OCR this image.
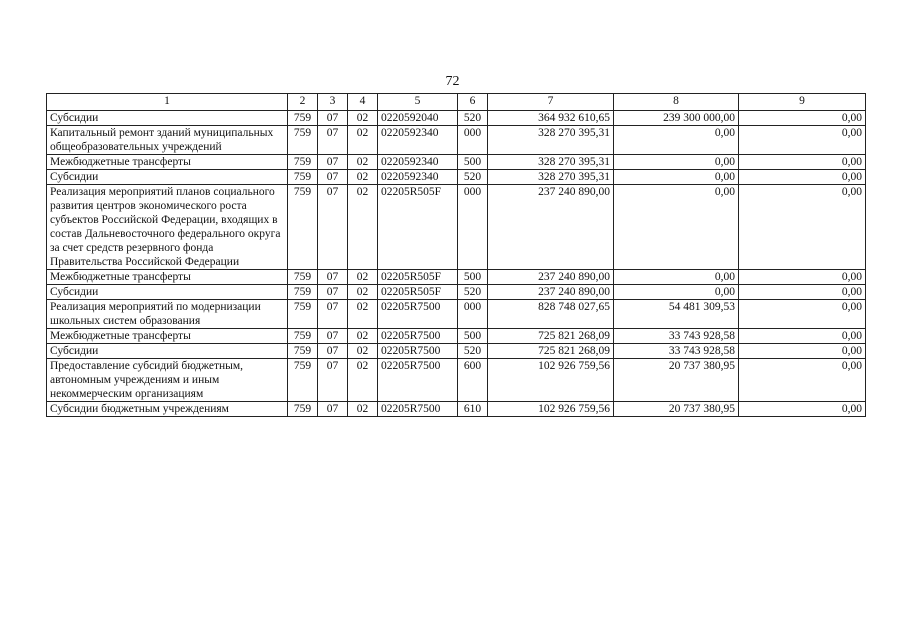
72
1	2	3	4	5	6	7	8	9
Субсидии	759	07	02	0220592040	520	364 932 610,65	239 300 000,00	0,00
Капитальный ремонт зданий муниципальных общеобразовательных учреждений	759	07	02	0220592340	000	328 270 395,31	0,00	0,00
Межбюджетные трансферты	759	07	02	0220592340	500	328 270 395,31	0,00	0,00
Субсидии	759	07	02	0220592340	520	328 270 395,31	0,00	0,00
Реализация мероприятий планов социального развития центров экономического роста субъектов Российской Федерации, входящих в состав Дальневосточного федерального округа за счет средств резервного фонда Правительства Российской Федерации	759	07	02	02205R505F	000	237 240 890,00	0,00	0,00
Межбюджетные трансферты	759	07	02	02205R505F	500	237 240 890,00	0,00	0,00
Субсидии	759	07	02	02205R505F	520	237 240 890,00	0,00	0,00
Реализация мероприятий по модернизации школьных систем образования	759	07	02	02205R7500	000	828 748 027,65	54 481 309,53	0,00
Межбюджетные трансферты	759	07	02	02205R7500	500	725 821 268,09	33 743 928,58	0,00
Субсидии	759	07	02	02205R7500	520	725 821 268,09	33 743 928,58	0,00
Предоставление субсидий бюджетным, автономным учреждениям и иным некоммерческим организациям	759	07	02	02205R7500	600	102 926 759,56	20 737 380,95	0,00
Субсидии бюджетным учреждениям	759	07	02	02205R7500	610	102 926 759,56	20 737 380,95	0,00
